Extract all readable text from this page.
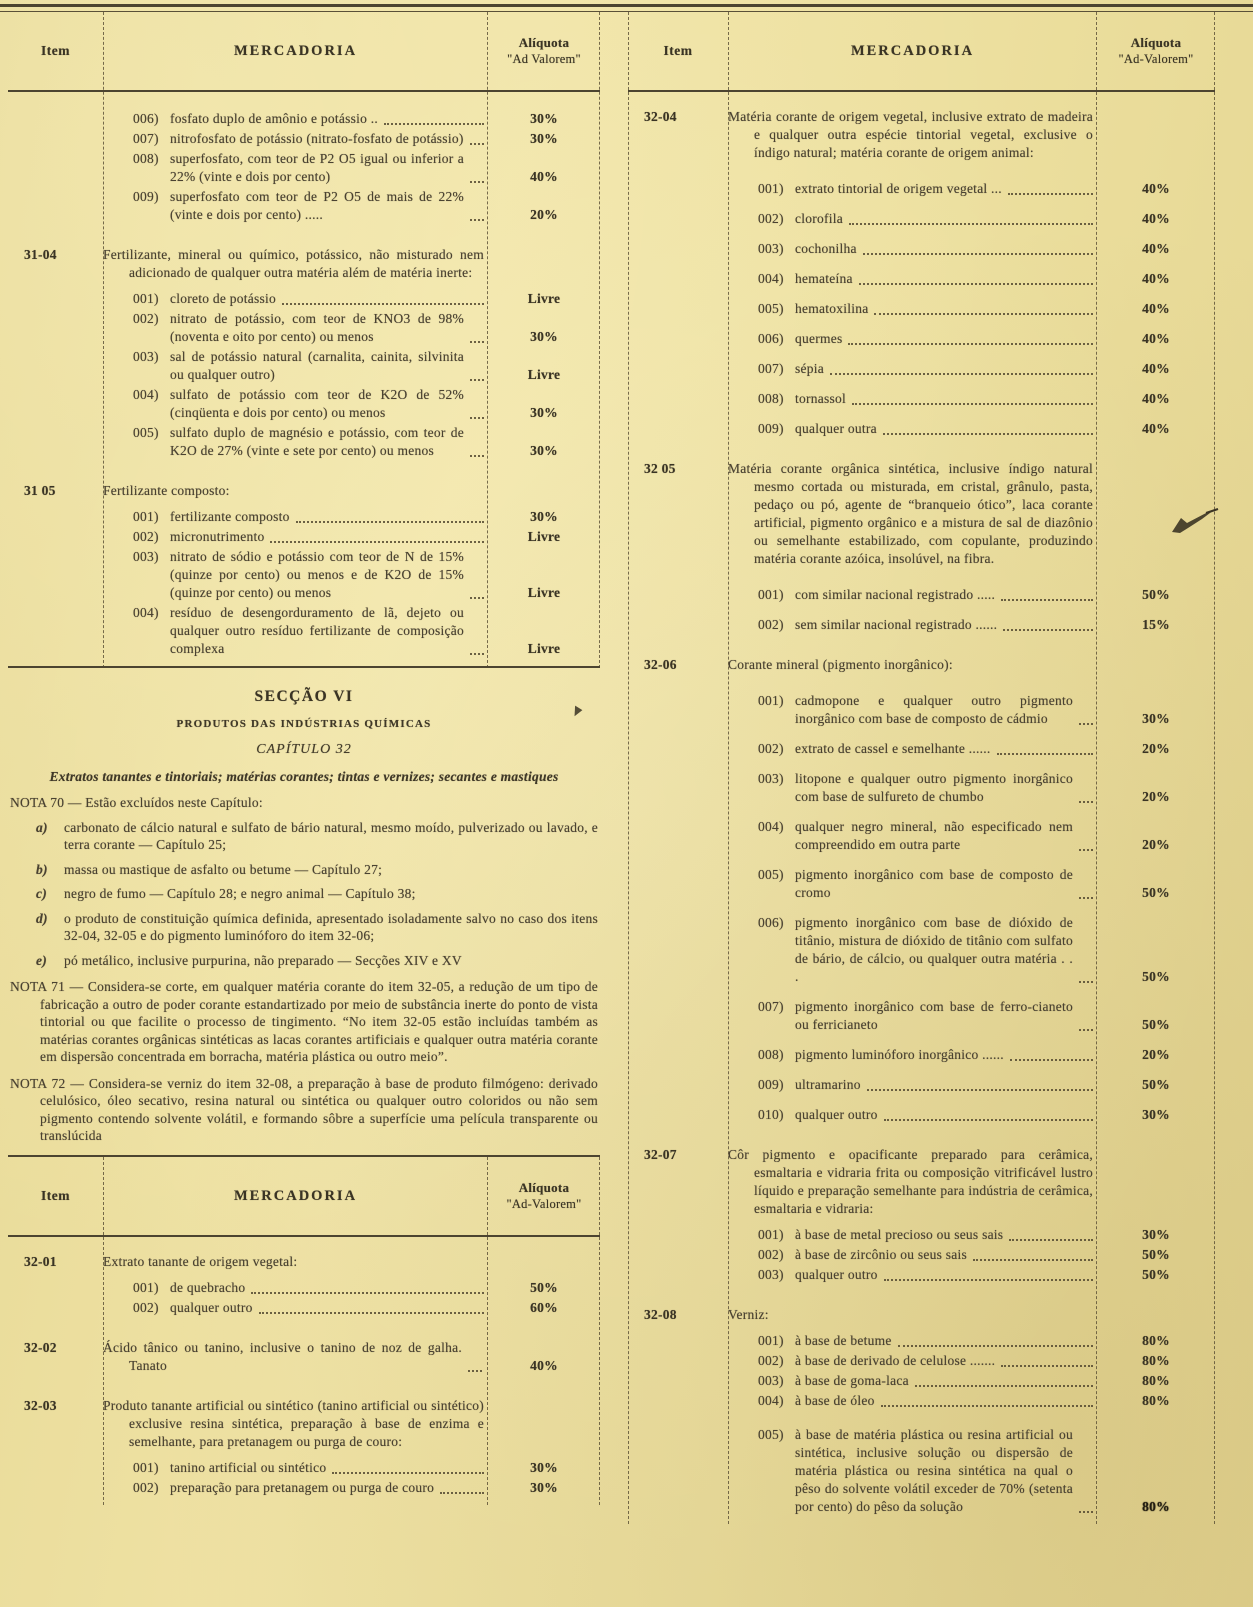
Item	MERCADORIA
Alíquota
"Ad Valorem"
006) fosfato duplo de amônio e potássio ..	30%
007) nitrofosfato de potássio (nitrato-fosfato de potássio)	30%
008) superfosfato, com teor de P2 O5 igual ou inferior a 22% (vinte e dois por cento)	40%
009) superfosfato com teor de P2 O5 de mais de 22% (vinte e dois por cento) .....	20%
31-04	Fertilizante, mineral ou químico, potássico, não misturado nem adicionado de qualquer outra matéria além de matéria inerte:
001) cloreto de potássio	Livre
002) nitrato de potássio, com teor de KNO3 de 98% (noventa e oito por cento) ou menos	30%
003) sal de potássio natural (carnalita, cainita, silvinita ou qualquer outro)	Livre
004) sulfato de potássio com teor de K2O de 52% (cinqüenta e dois por cento) ou menos	30%
005) sulfato duplo de magnésio e potássio, com teor de K2O de 27% (vinte e sete por cento) ou menos	30%
31 05	Fertilizante composto:
001) fertilizante composto	30%
002) micronutrimento	Livre
003) nitrato de sódio e potássio com teor de N de 15% (quinze por cento) ou menos e de K2O de 15% (quinze por cento) ou menos	Livre
004) resíduo de desengorduramento de lã, dejeto ou qualquer outro resíduo fertilizante de composição complexa	Livre
SECÇÃO VI
PRODUTOS DAS INDÚSTRIAS QUÍMICAS
CAPÍTULO 32
Extratos tanantes e tintoriais; matérias corantes; tintas e vernizes; secantes e mastiques
NOTA 70 — Estão excluídos neste Capítulo:
a)	carbonato de cálcio natural e sulfato de bário natural, mesmo moído, pulverizado ou lavado, e terra corante — Capítulo 25;
b)	massa ou mastique de asfalto ou betume — Capítulo 27;
c)	negro de fumo — Capítulo 28; e negro animal — Capítulo 38;
d)	o produto de constituição química definida, apresentado isoladamente salvo no caso dos itens 32-04, 32-05 e do pigmento luminóforo do item 32-06;
e)	pó metálico, inclusive purpurina, não preparado — Secções XIV e XV
NOTA 71 — Considera-se corte, em qualquer matéria corante do item 32-05, a redução de um tipo de fabricação a outro de poder corante estandartizado por meio de substância inerte do ponto de vista tintorial ou que facilite o processo de tingimento. “No item 32-05 estão incluídas também as matérias corantes orgânicas sintéticas as lacas corantes artificiais e qualquer outra matéria corante em dispersão concentrada em borracha, matéria plástica ou outro meio”.
NOTA 72 — Considera-se verniz do item 32-08, a preparação à base de produto filmógeno: derivado celulósico, óleo secativo, resina natural ou sintética ou qualquer outro coloridos ou não sem pigmento contendo solvente volátil, e formando sôbre a superfície uma película transparente ou translúcida
Item	MERCADORIA
Alíquota
"Ad-Valorem"
32-01	Extrato tanante de origem vegetal:
001) de quebracho	50%
002) qualquer outro	60%
32-02	Ácido tânico ou tanino, inclusive o tanino de noz de galha. Tanato	40%
32-03	Produto tanante artificial ou sintético (tanino artificial ou sintético) exclusive resina sintética, preparação à base de enzima e semelhante, para pretanagem ou purga de couro:
001) tanino artificial ou sintético	30%
002) preparação para pretanagem ou purga de couro	30%
Item	MERCADORIA
Alíquota
"Ad-Valorem"
32-04	Matéria corante de origem vegetal, inclusive extrato de madeira e qualquer outra espécie tintorial vegetal, exclusive o índigo natural; matéria corante de origem animal:
001) extrato tintorial de origem vegetal ...	40%
002) clorofila	40%
003) cochonilha	40%
004) hemateína	40%
005) hematoxilina	40%
006) quermes	40%
007) sépia	40%
008) tornassol	40%
009) qualquer outra	40%
32 05	Matéria corante orgânica sintética, inclusive índigo natural mesmo cortada ou misturada, em cristal, grânulo, pasta, pedaço ou pó, agente de “branqueio ótico”, laca corante artificial, pigmento orgânico e a mistura de sal de diazônio ou semelhante estabilizado, com copulante, produzindo matéria corante azóica, insolúvel, na fibra.
001) com similar nacional registrado .....	50%
002) sem similar nacional registrado ......	15%
32-06	Corante mineral (pigmento inorgânico):
001) cadmopone e qualquer outro pigmento inorgânico com base de composto de cádmio	30%
002) extrato de cassel e semelhante ......	20%
003) litopone e qualquer outro pigmento inorgânico com base de sulfureto de chumbo	20%
004) qualquer negro mineral, não especificado nem compreendido em outra parte	20%
005) pigmento inorgânico com base de composto de cromo	50%
006) pigmento inorgânico com base de dióxido de titânio, mistura de dióxido de titânio com sulfato de bário, de cálcio, ou qualquer outra matéria . . .	50%
007) pigmento inorgânico com base de ferro-cianeto ou ferricianeto	50%
008) pigmento luminóforo inorgânico ......	20%
009) ultramarino	50%
010) qualquer outro	30%
32-07	Côr pigmento e opacificante preparado para cerâmica, esmaltaria e vidraria frita ou composição vitrificável lustro líquido e preparação semelhante para indústria de cerâmica, esmaltaria e vidraria:
001) à base de metal precioso ou seus sais	30%
002) à base de zircônio ou seus sais	50%
003) qualquer outro	50%
32-08	Verniz:
001) à base de betume	80%
002) à base de derivado de celulose .......	80%
003) à base de goma-laca	80%
004) à base de óleo	80%
005) à base de matéria plástica ou resina artificial ou sintética, inclusive solução ou dispersão de matéria plástica ou resina sintética na qual o pêso do solvente volátil exceder de 70% (setenta por cento) do pêso da solução	80%
